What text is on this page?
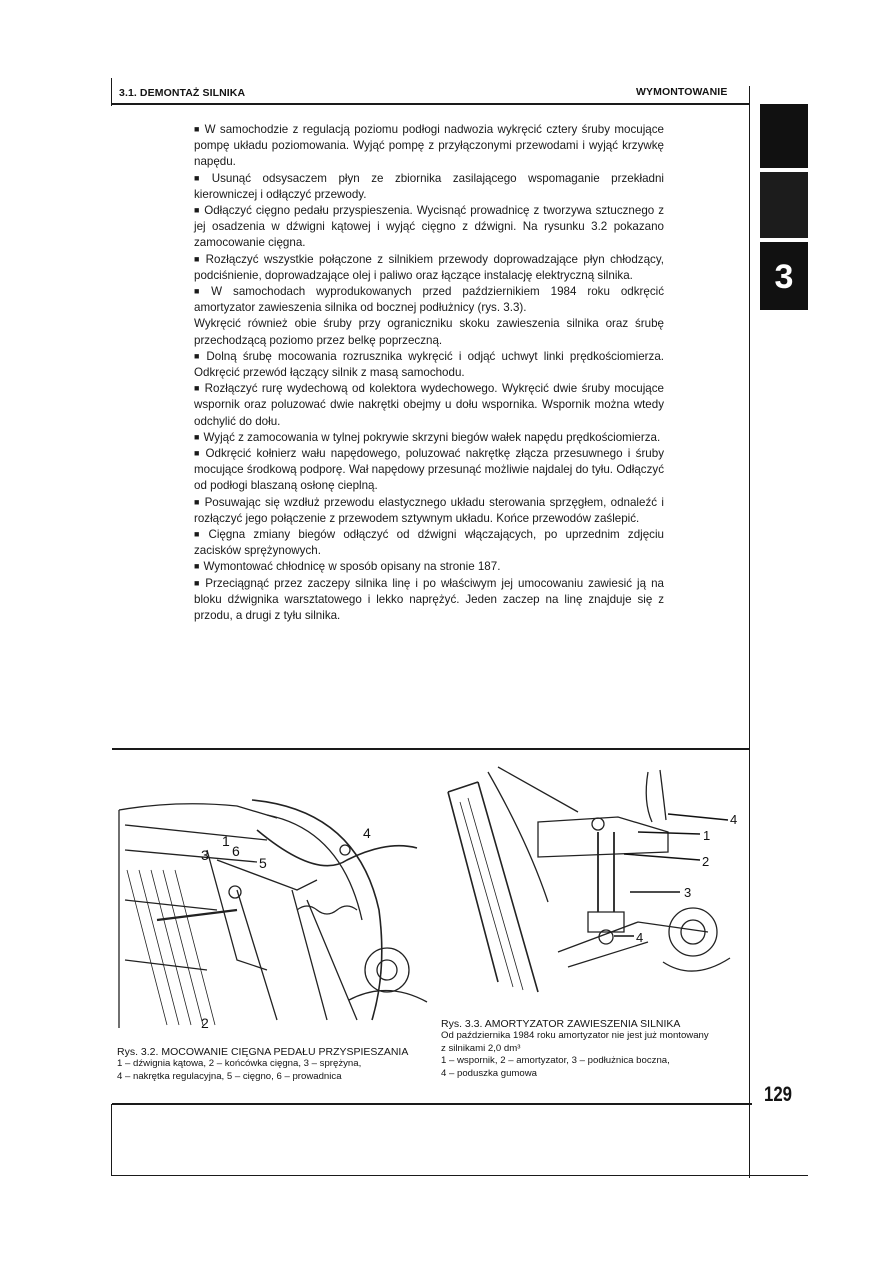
3.1. DEMONTAŻ SILNIKA	WYMONTOWANIE
3

■ W samochodzie z regulacją poziomu podłogi nadwozia wykręcić cztery śruby mocujące pompę układu poziomowania. Wyjąć pompę z przyłączonymi przewodami i wyjąć krzywkę napędu.

■ Usunąć odsysaczem płyn ze zbiornika zasilającego wspomaganie przekładni kierowniczej i odłączyć przewody.

■ Odłączyć cięgno pedału przyspieszenia. Wycisnąć prowadnicę z tworzywa sztucznego z jej osadzenia w dźwigni kątowej i wyjąć cięgno z dźwigni. Na rysunku 3.2 pokazano zamocowanie cięgna.

■ Rozłączyć wszystkie połączone z silnikiem przewody doprowadzające płyn chłodzący, podciśnienie, doprowadzające olej i paliwo oraz łączące instalację elektryczną silnika.

■ W samochodach wyprodukowanych przed październikiem 1984 roku odkręcić amortyzator zawieszenia silnika od bocznej podłużnicy (rys. 3.3).

Wykręcić również obie śruby przy ograniczniku skoku zawieszenia silnika oraz śrubę przechodzącą poziomo przez belkę poprzeczną.

■ Dolną śrubę mocowania rozrusznika wykręcić i odjąć uchwyt linki prędkościomierza. Odkręcić przewód łączący silnik z masą samochodu.

■ Rozłączyć rurę wydechową od kolektora wydechowego. Wykręcić dwie śruby mocujące wspornik oraz poluzować dwie nakrętki obejmy u dołu wspornika. Wspornik można wtedy odchylić do dołu.

■ Wyjąć z zamocowania w tylnej pokrywie skrzyni biegów wałek napędu prędkościomierza.

■ Odkręcić kołnierz wału napędowego, poluzować nakrętkę złącza przesuwnego i śruby mocujące środkową podporę. Wał napędowy przesunąć możliwie najdalej do tyłu. Odłączyć od podłogi blaszaną osłonę cieplną.

■ Posuwając się wzdłuż przewodu elastycznego układu sterowania sprzęgłem, odnaleźć i rozłączyć jego połączenie z przewodem sztywnym układu. Końce przewodów zaślepić.

■ Cięgna zmiany biegów odłączyć od dźwigni włączających, po uprzednim zdjęciu zacisków sprężynowych.

■ Wymontować chłodnicę w sposób opisany na stronie 187.

■ Przeciągnąć przez zaczepy silnika linę i po właściwym jej umocowaniu zawiesić ją na bloku dźwignika warsztatowego i lekko naprężyć. Jeden zaczep na linę znajduje się z przodu, a drugi z tyłu silnika.

1
6
3	5
4
2
Rys. 3.2. MOCOWANIE CIĘGNA PEDAŁU PRZYSPIESZANIA
1 – dźwignia kątowa, 2 – końcówka cięgna, 3 – sprężyna,
4 – nakrętka regulacyjna, 5 – cięgno, 6 – prowadnica
4
1
2
3
4
Rys. 3.3. AMORTYZATOR ZAWIESZENIA SILNIKA
Od października 1984 roku amortyzator nie jest już montowany
z silnikami 2,0 dm³
1 – wspornik, 2 – amortyzator, 3 – podłużnica boczna,
4 – poduszka gumowa
129
